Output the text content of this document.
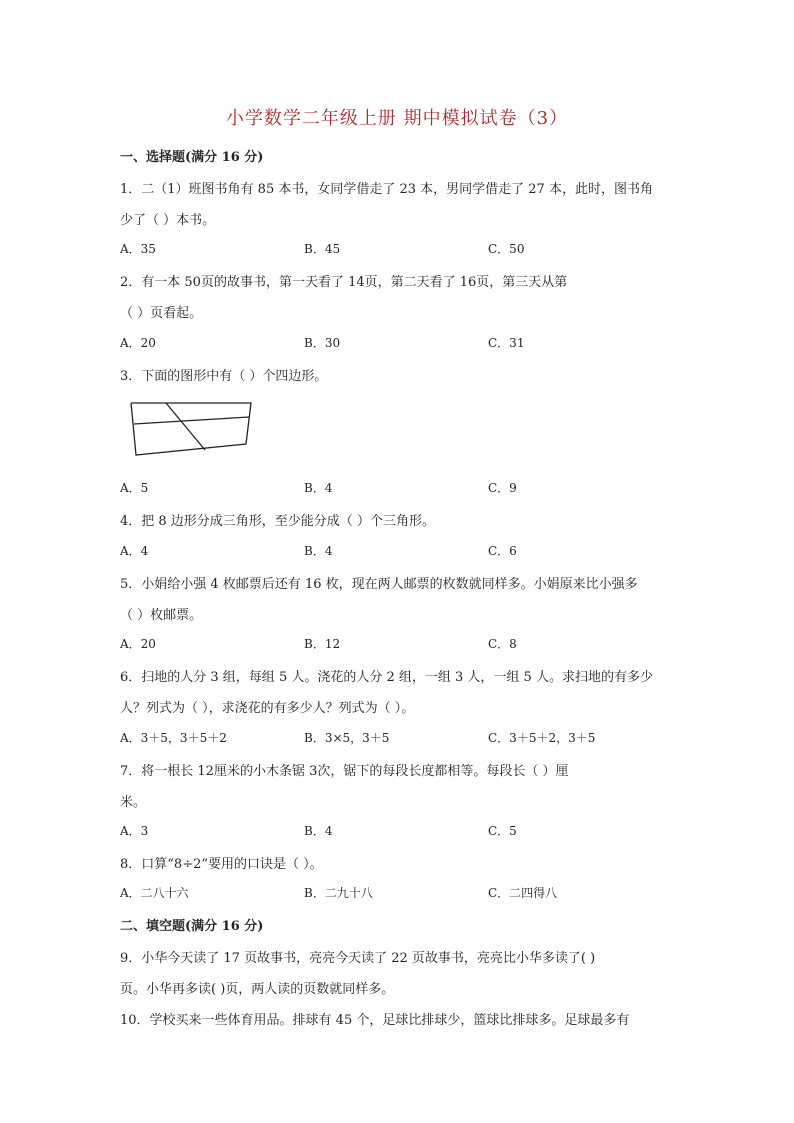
小学数学二年级上册 期中模拟试卷（3）
一、选择题(满分 16 分)
1．二（1）班图书角有 85 本书，女同学借走了 23 本，男同学借走了 27 本，此时，图书角
少了（ ）本书。
A．35	B．45	C．50
2．有一本 50页的故事书，第一天看了 14页，第二天看了 16页，第三天从第
（ ）页看起。
A．20	B．30	C．31
3．下面的图形中有（ ）个四边形。
A．5	B．4	C．9
4．把 8 边形分成三角形，至少能分成（ ）个三角形。
A．4	B．4	C．6
5．小娟给小强 4 枚邮票后还有 16 枚，现在两人邮票的枚数就同样多。小娟原来比小强多
（ ）枚邮票。
A．20	B．12	C．8
6．扫地的人分 3 组，每组 5 人。浇花的人分 2 组，一组 3 人，一组 5 人。求扫地的有多少
人？列式为（ ），求浇花的有多少人？列式为（ ）。
A．3＋5，3＋5＋2	B．3×5，3＋5	C．3＋5＋2，3＋5
7．将一根长 12厘米的小木条锯 3次，锯下的每段长度都相等。每段长（ ）厘
米。
A．3	B．4	C．5
8．口算“8÷2”要用的口诀是（ ）。
A．二八十六	B．二九十八	C．二四得八
二、填空题(满分 16 分)
9．小华今天读了 17 页故事书，亮亮今天读了 22 页故事书，亮亮比小华多读了( )
页。小华再多读( )页，两人读的页数就同样多。
10．学校买来一些体育用品。排球有 45 个，足球比排球少，篮球比排球多。足球最多有
